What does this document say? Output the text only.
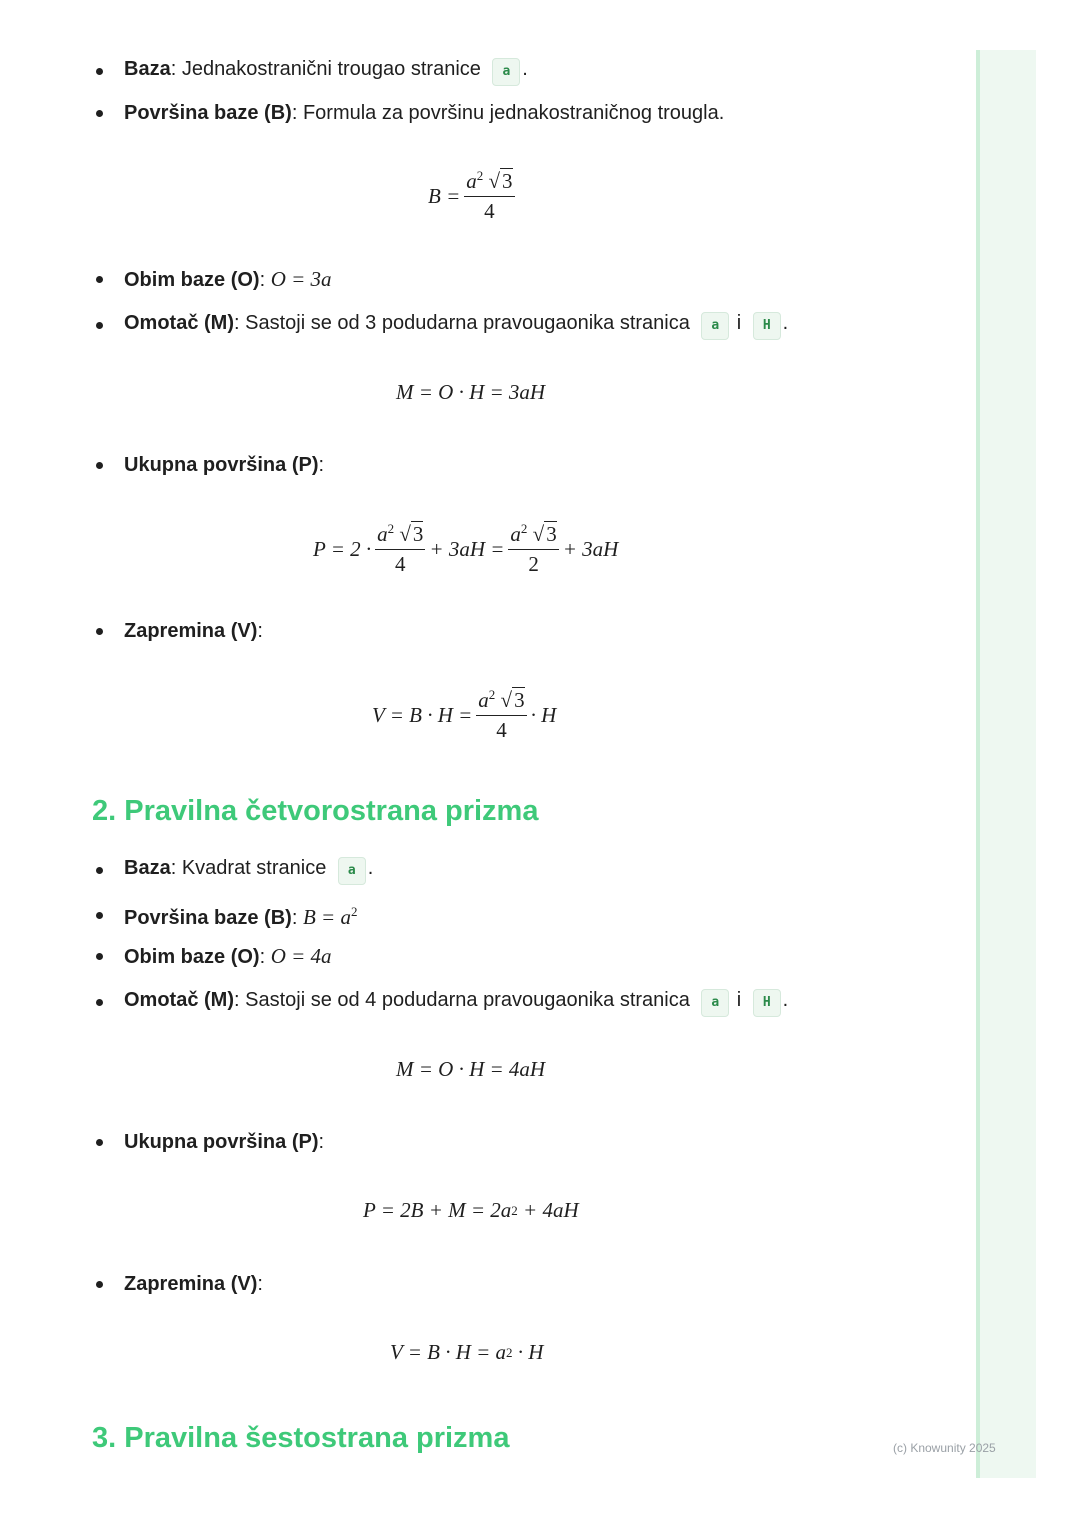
Baza: Jednakostranični trougao stranice a .
Površina baze (B): Formula za površinu jednakostraničnog trougla.
Obim baze (O): O = 3a
Omotač (M): Sastoji se od 3 podudarna pravougaonika stranica a i H .
Ukupna površina (P):
Zapremina (V):
$B = \frac{a^2 √3}{4}$
M = O · H = 3aH
$P = 2 \cdot \frac{a^2 √3}{4} + 3aH = \frac{a^2 √3}{2} + 3aH$
$V = B \cdot H = \frac{a^2 √3}{4} \cdot H$
2. Pravilna četvorostrana prizma
Baza: Kvadrat stranice a .
Površina baze (B): $B = a^2$
Obim baze (O): O = 4a
Omotač (M): Sastoji se od 4 podudarna pravougaonika stranica a i H .
Ukupna površina (P):
Zapremina (V):
M = O · H = 4aH
P = 2B + M = 2a 2 + 4aH
V = B · H = a 2 · H
3. Pravilna šestostrana prizma	(c) Knowunity 2025
